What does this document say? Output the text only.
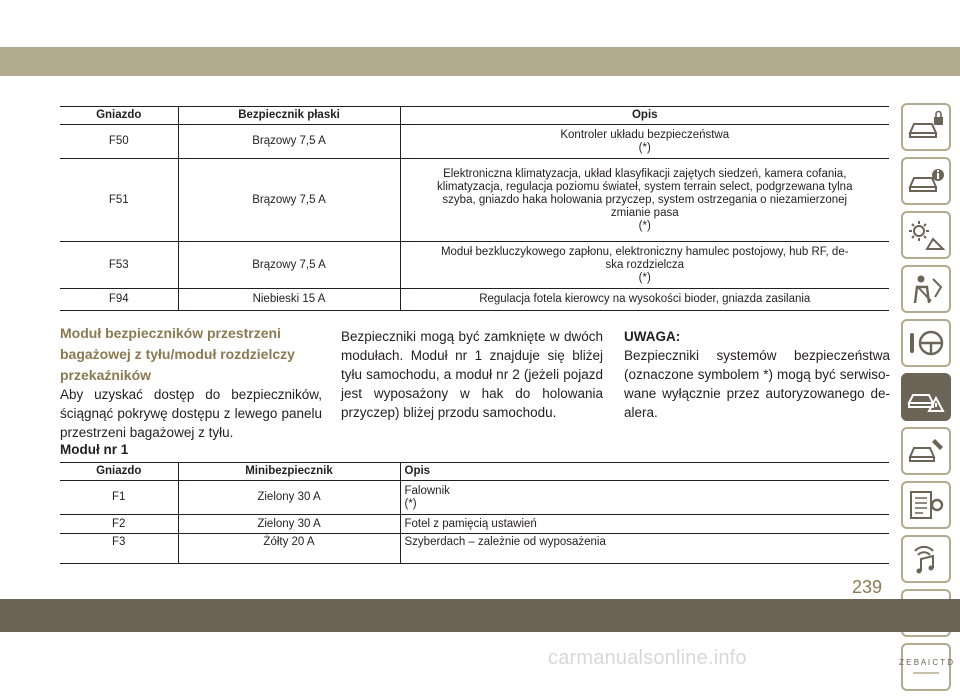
Gniazdo	Bezpiecznik płaski	Opis
F50	Brązowy 7,5 A	Kontroler układu bezpieczeństwa
(*)
F51	Brązowy 7,5 A	Elektroniczna klimatyzacja, układ klasyfikacji zajętych siedzeń, kamera cofania,
klimatyzacja, regulacja poziomu świateł, system terrain select, podgrzewana tylna
szyba, gniazdo haka holowania przyczep, system ostrzegania o niezamierzonej
zmianie pasa
(*)
F53	Brązowy 7,5 A	Moduł bezkluczykowego zapłonu, elektroniczny hamulec postojowy, hub RF, de-
ska rozdzielcza
(*)
F94	Niebieski 15 A	Regulacja fotela kierowcy na wysokości bioder, gniazda zasilania
Moduł bezpieczników przestrzeni bagażowej z tyłu/moduł rozdzielczy przekaźników
Aby uzyskać dostęp do bezpieczników, ściągnąć pokrywę dostępu z lewego panelu przestrzeni bagażowej z tyłu.
Bezpieczniki mogą być zamknięte w dwóch modułach. Moduł nr 1 znajduje się bliżej tyłu samochodu, a moduł nr 2 (jeżeli pojazd jest wyposażony w hak do holowania przyczep) bliżej przodu samochodu.
UWAGA:
Bezpieczniki systemów bezpieczeństwa (oznaczone symbolem *) mogą być serwiso-wane wyłącznie przez autoryzowanego de-alera.
Moduł nr 1
Gniazdo	Minibezpiecznik	Opis
F1	Zielony 30 A	Falownik
(*)
F2	Zielony 30 A	Fotel z pamięcią ustawień
F3	Żółty 20 A	Szyberdach – zależnie od wyposażenia
Z E B A I C T D
239
carmanualsonline.info
